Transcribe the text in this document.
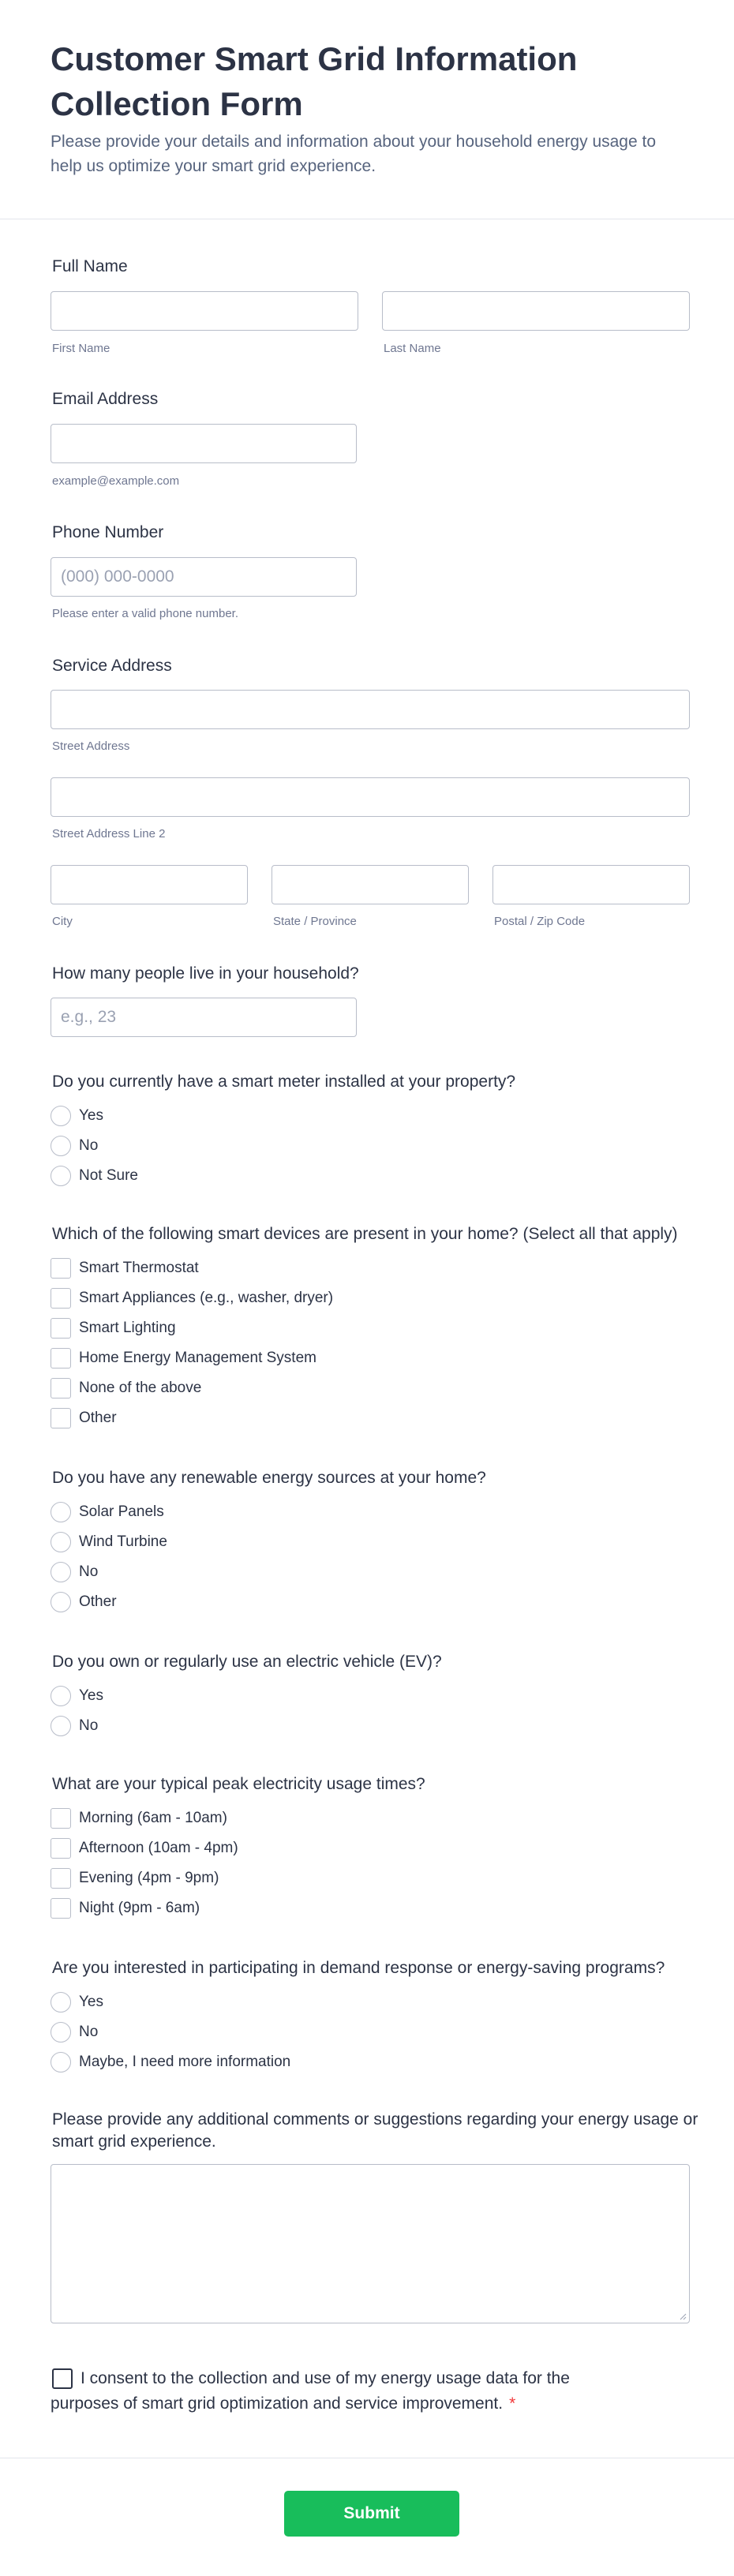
Customer Smart Grid Information Collection Form

Please provide your details and information about your household energy usage to help us optimize your smart grid experience.

Full Name
First Name	Last Name
Email Address
example@example.com
Phone Number
(000) 000-0000
Please enter a valid phone number.
Service Address
Street Address
Street Address Line 2
City	State / Province	Postal / Zip Code
How many people live in your household?
e.g., 23
Do you currently have a smart meter installed at your property?
Yes
No
Not Sure
Which of the following smart devices are present in your home? (Select all that apply)
Smart Thermostat
Smart Appliances (e.g., washer, dryer)
Smart Lighting
Home Energy Management System
None of the above
Other
Do you have any renewable energy sources at your home?
Solar Panels
Wind Turbine
No
Other
Do you own or regularly use an electric vehicle (EV)?
Yes
No
What are your typical peak electricity usage times?
Morning (6am - 10am)
Afternoon (10am - 4pm)
Evening (4pm - 9pm)
Night (9pm - 6am)
Are you interested in participating in demand response or energy-saving programs?
Yes
No
Maybe, I need more information
Please provide any additional comments or suggestions regarding your energy usage or smart grid experience.
I consent to the collection and use of my energy usage data for the purposes of smart grid optimization and service improvement. *
Submit
